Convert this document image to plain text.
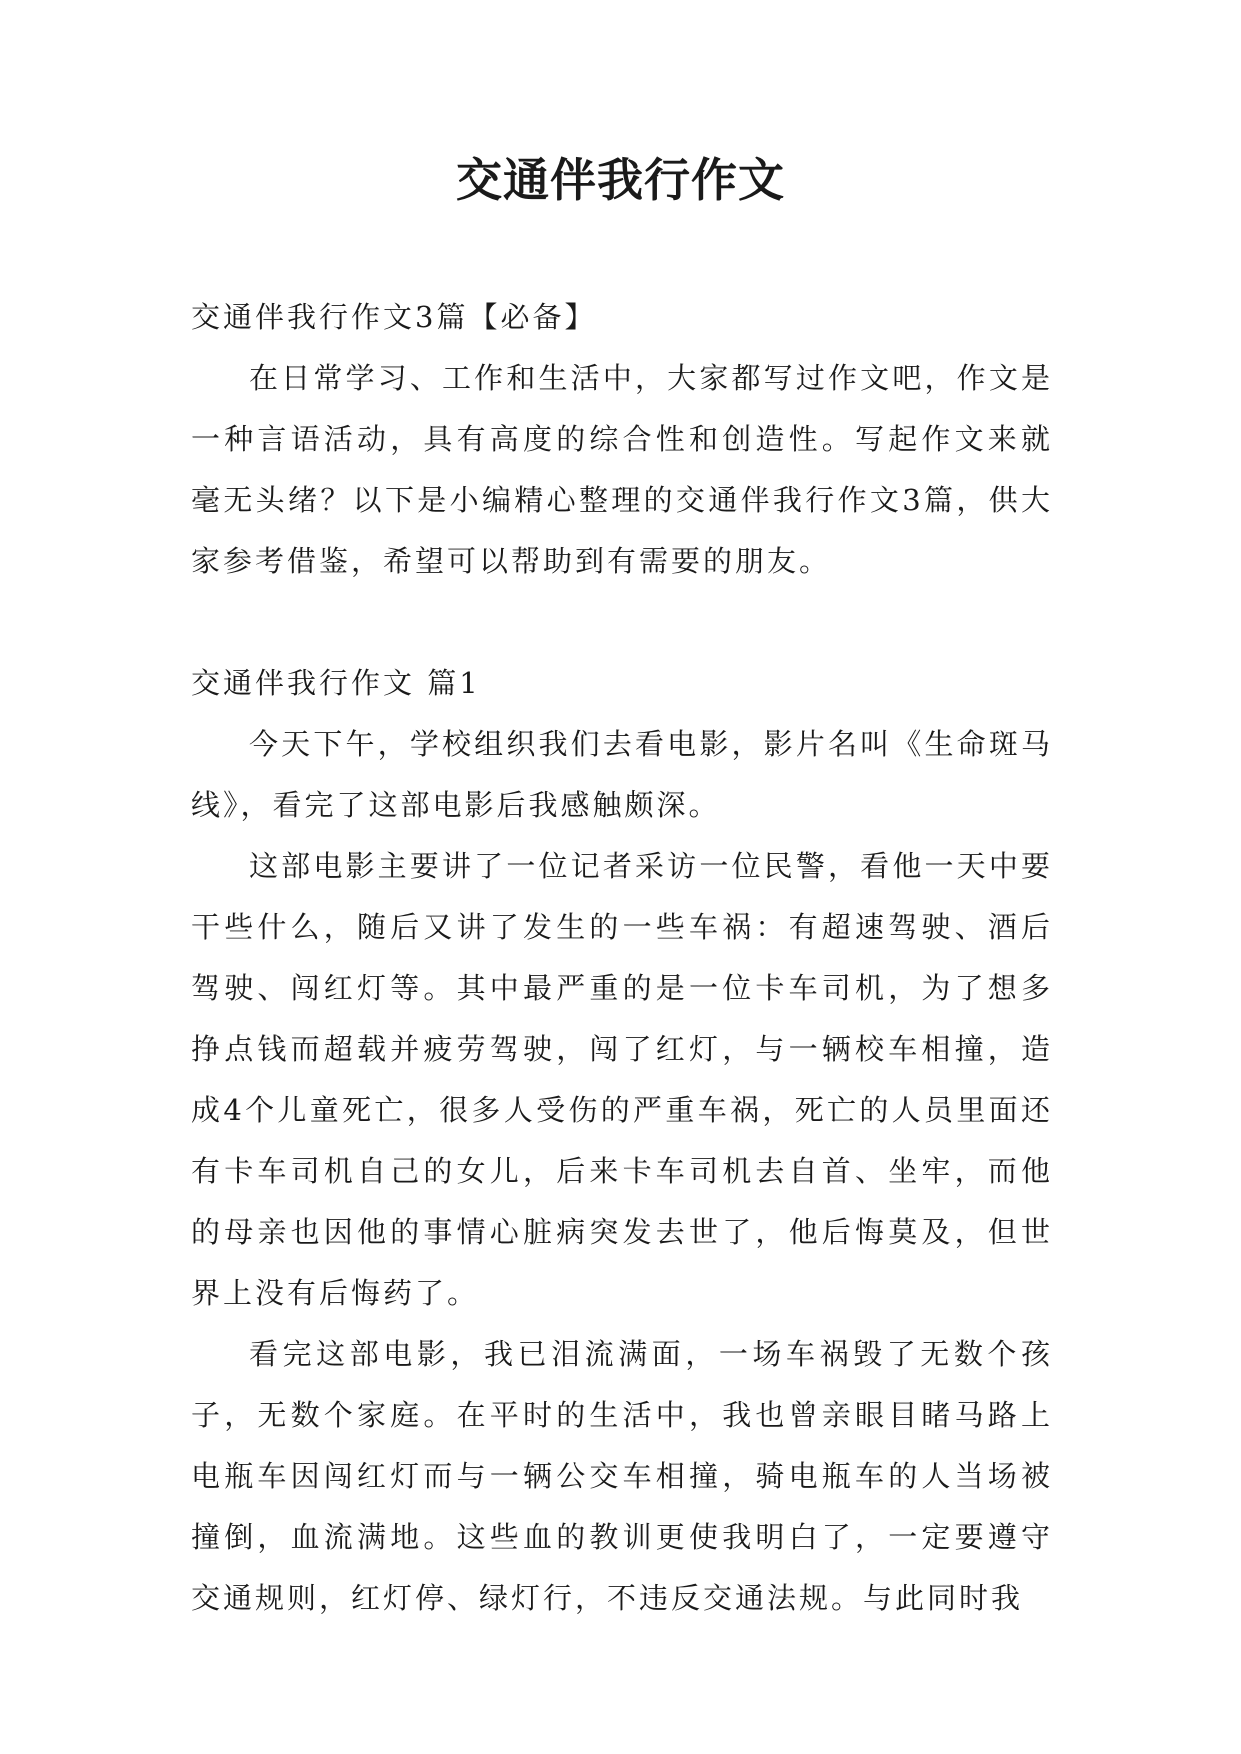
交通伴我行作文

交通伴我行作文3篇【必备】

在日常学习、工作和生活中，大家都写过作文吧，作文是一种言语活动，具有高度的综合性和创造性。写起作文来就毫无头绪？以下是小编精心整理的交通伴我行作文3篇，供大家参考借鉴，希望可以帮助到有需要的朋友。

交通伴我行作文 篇1

今天下午，学校组织我们去看电影，影片名叫《生命斑马线》，看完了这部电影后我感触颇深。

这部电影主要讲了一位记者采访一位民警，看他一天中要干些什么，随后又讲了发生的一些车祸：有超速驾驶、酒后驾驶、闯红灯等。其中最严重的是一位卡车司机，为了想多挣点钱而超载并疲劳驾驶，闯了红灯，与一辆校车相撞，造成4个儿童死亡，很多人受伤的严重车祸，死亡的人员里面还有卡车司机自己的女儿，后来卡车司机去自首、坐牢，而他的母亲也因他的事情心脏病突发去世了，他后悔莫及，但世界上没有后悔药了。

看完这部电影，我已泪流满面，一场车祸毁了无数个孩子，无数个家庭。在平时的生活中，我也曾亲眼目睹马路上电瓶车因闯红灯而与一辆公交车相撞，骑电瓶车的人当场被撞倒，血流满地。这些血的教训更使我明白了，一定要遵守交通规则，红灯停、绿灯行，不违反交通法规。与此同时我
